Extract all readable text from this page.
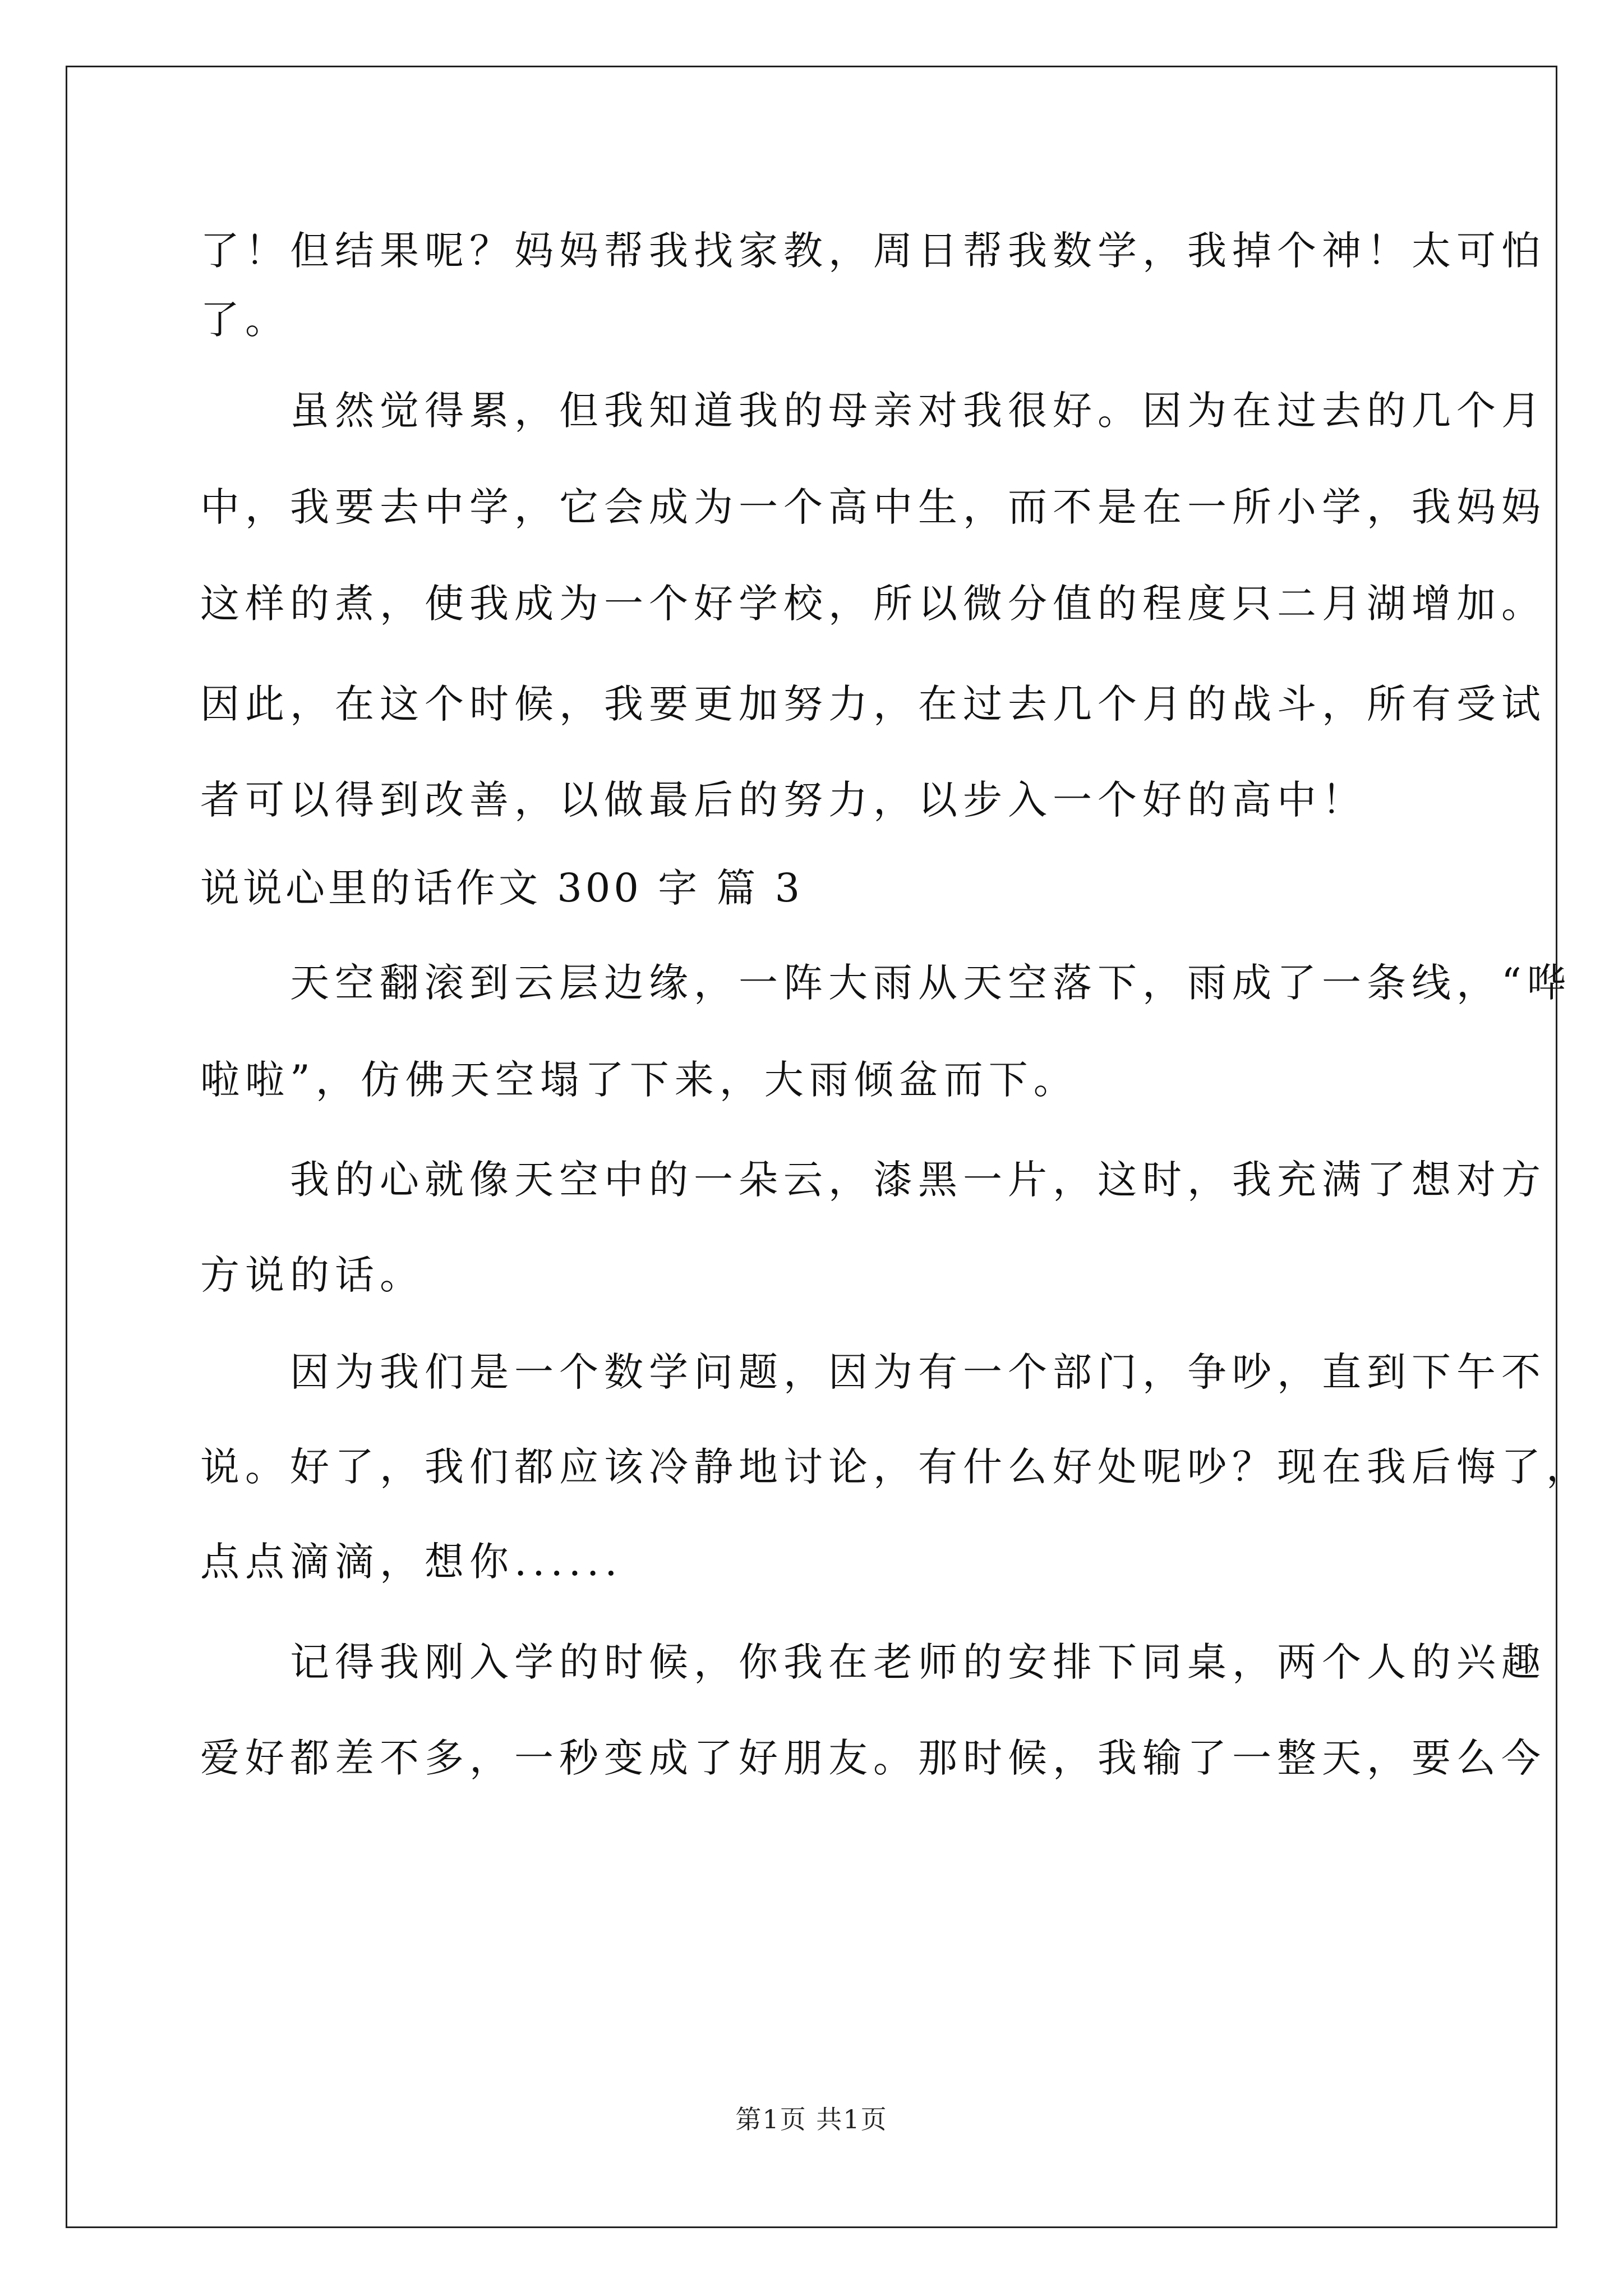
了！但结果呢？妈妈帮我找家教，周日帮我数学，我掉个神！太可怕
了。
　　虽然觉得累，但我知道我的母亲对我很好。因为在过去的几个月
中，我要去中学，它会成为一个高中生，而不是在一所小学，我妈妈
这样的煮，使我成为一个好学校，所以微分值的程度只二月湖增加。
因此，在这个时候，我要更加努力，在过去几个月的战斗，所有受试
者可以得到改善，以做最后的努力，以步入一个好的高中！
说说心里的话作文 300 字 篇 3
　　天空翻滚到云层边缘，一阵大雨从天空落下，雨成了一条线，“哗
啦啦”，仿佛天空塌了下来，大雨倾盆而下。
　　我的心就像天空中的一朵云，漆黑一片，这时，我充满了想对方
方说的话。
　　因为我们是一个数学问题，因为有一个部门，争吵，直到下午不
说。好了，我们都应该冷静地讨论，有什么好处呢吵？现在我后悔了，
点点滴滴，想你......
　　记得我刚入学的时候，你我在老师的安排下同桌，两个人的兴趣
爱好都差不多，一秒变成了好朋友。那时候，我输了一整天，要么今
第1页 共1页
